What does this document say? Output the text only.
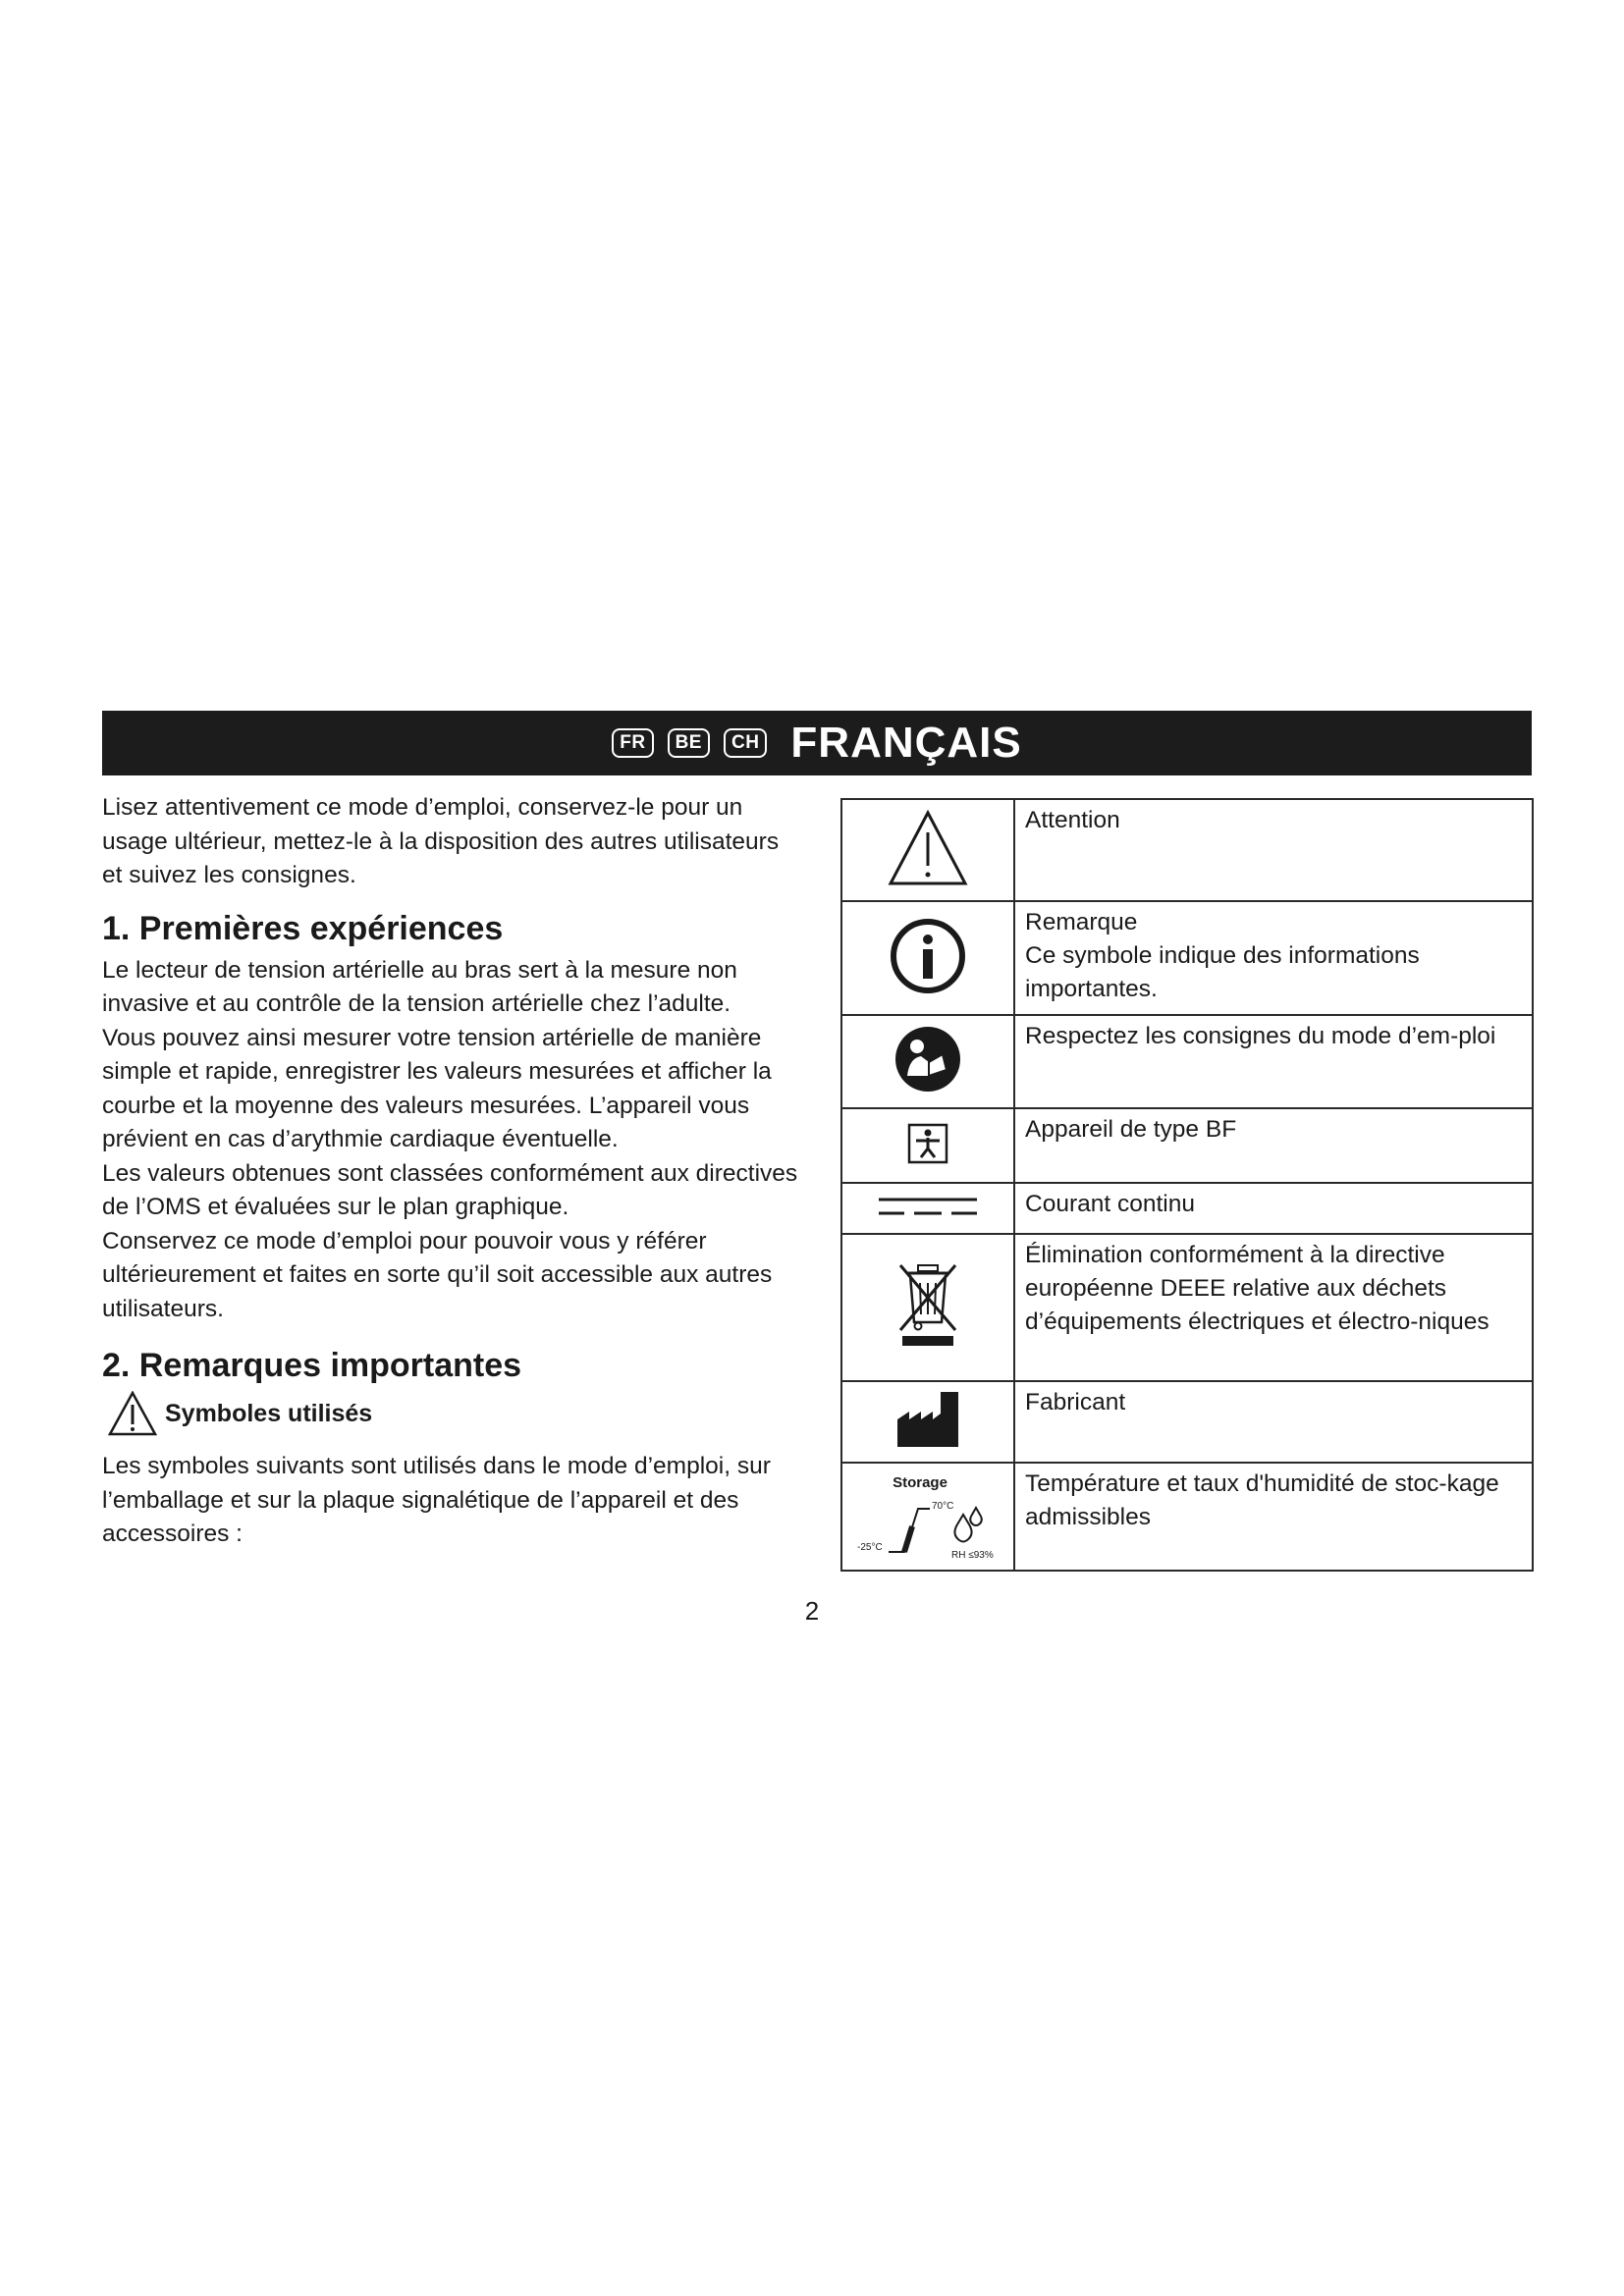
FR	BE	CH FRANÇAIS

Lisez attentivement ce mode d’emploi, conservez-le pour un usage ultérieur, mettez-le à la disposition des autres utilisateurs et suivez les consignes.

1. Premières expériences

Le lecteur de tension artérielle au bras sert à la mesure non invasive et au contrôle de la tension artérielle chez l’adulte.

Vous pouvez ainsi mesurer votre tension artérielle de manière simple et rapide, enregistrer les valeurs mesurées et afficher la courbe et la moyenne des valeurs mesurées. L’appareil vous prévient en cas d’arythmie cardiaque éventuelle.

Les valeurs obtenues sont classées conformément aux directives de l’OMS et évaluées sur le plan graphique.

Conservez ce mode d’emploi pour pouvoir vous y référer ultérieurement et faites en sorte qu’il soit accessible aux autres utilisateurs.

2. Remarques importantes
Symboles utilisés

Les symboles suivants sont utilisés dans le mode d’emploi, sur l’emballage et sur la plaque signalétique de l’appareil et des accessoires :

Attention

Remarque
Ce symbole indique des informations importantes.

Respectez les consignes du mode d’em-ploi

Appareil de type BF

Courant continu

Élimination conformément à la directive européenne DEEE relative aux déchets d’équipements électriques et électro-niques

Fabricant

Storage
70°C
-25°C
RH ≤93%	Température et taux d'humidité de stoc-kage admissibles
2
